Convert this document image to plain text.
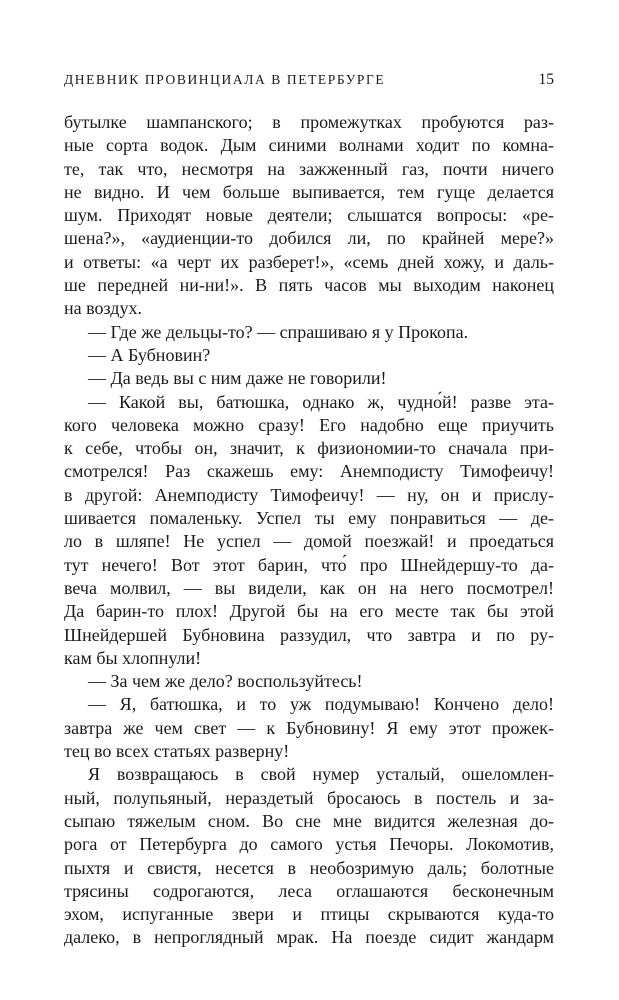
ДНЕВНИК ПРОВИНЦИАЛА В ПЕТЕРБУРГЕ	15
бутылке шампанского; в промежутках пробуются раз-
ные сорта водок. Дым синими волнами ходит по комна-
те, так что, несмотря на зажженный газ, почти ничего
не видно. И чем больше выпивается, тем гуще делается
шум. Приходят новые деятели; слышатся вопросы: «ре-
шена?», «аудиенции-то добился ли, по крайней мере?»
и ответы: «а черт их разберет!», «семь дней хожу, и даль-
ше передней ни-ни!». В пять часов мы выходим наконец
на воздух.
— Где же дельцы-то? — спрашиваю я у Прокопа.
— А Бубновин?
— Да ведь вы с ним даже не говорили!
— Какой вы, батюшка, однако ж, чудно́й! разве эта-
кого человека можно сразу! Его надобно еще приучить
к себе, чтобы он, значит, к физиономии-то сначала при-
смотрелся! Раз скажешь ему: Анемподисту Тимофеичу!
в другой: Анемподисту Тимофеичу! — ну, он и прислу-
шивается помаленьку. Успел ты ему понравиться — де-
ло в шляпе! Не успел — домой поезжай! и проедаться
тут нечего! Вот этот барин, что́ про Шнейдершу-то да-
веча молвил, — вы видели, как он на него посмотрел!
Да барин-то плох! Другой бы на его месте так бы этой
Шнейдершей Бубновина раззудил, что завтра и по ру-
кам бы хлопнули!
— За чем же дело? воспользуйтесь!
— Я, батюшка, и то уж подумываю! Кончено дело!
завтра же чем свет — к Бубновину! Я ему этот прожек-
тец во всех статьях разверну!
Я возвращаюсь в свой нумер усталый, ошеломлен-
ный, полупьяный, нераздетый бросаюсь в постель и за-
сыпаю тяжелым сном. Во сне мне видится железная до-
рога от Петербурга до самого устья Печоры. Локомотив,
пыхтя и свистя, несется в необозримую даль; болотные
трясины содрогаются, леса оглашаются бесконечным
эхом, испуганные звери и птицы скрываются куда-то
далеко, в непроглядный мрак. На поезде сидит жандарм
